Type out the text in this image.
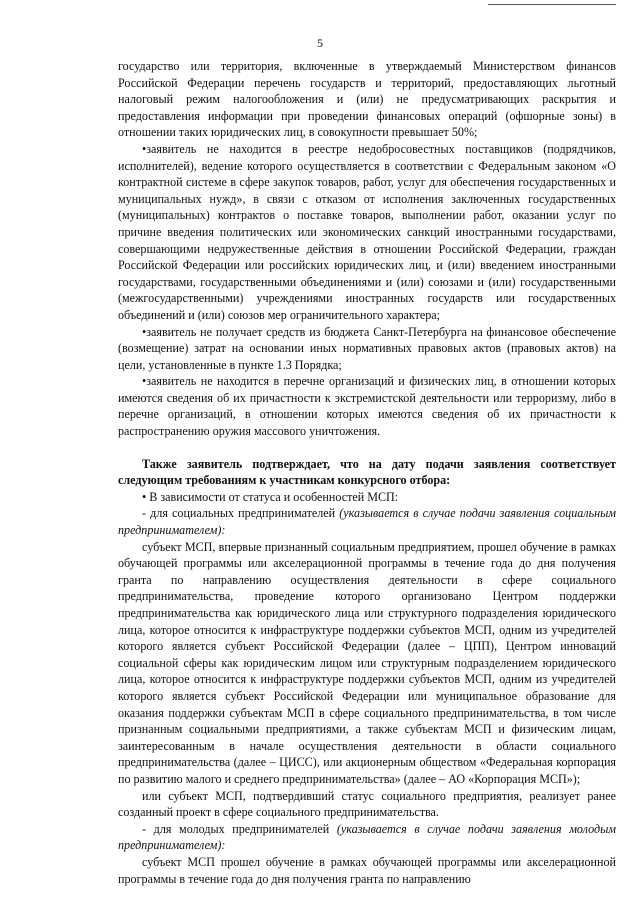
5

государство или территория, включенные в утверждаемый Министерством финансов Российской Федерации перечень государств и территорий, предоставляющих льготный налоговый режим налогообложения и (или) не предусматривающих раскрытия и предоставления информации при проведении финансовых операций (офшорные зоны) в отношении таких юридических лиц, в совокупности превышает 50%;

•заявитель не находится в реестре недобросовестных поставщиков (подрядчиков, исполнителей), ведение которого осуществляется в соответствии с Федеральным законом «О контрактной системе в сфере закупок товаров, работ, услуг для обеспечения государственных и муниципальных нужд», в связи с отказом от исполнения заключенных государственных (муниципальных) контрактов о поставке товаров, выполнении работ, оказании услуг по причине введения политических или экономических санкций иностранными государствами, совершающими недружественные действия в отношении Российской Федерации, граждан Российской Федерации или российских юридических лиц, и (или) введением иностранными государствами, государственными объединениями и (или) союзами и (или) государственными (межгосударственными) учреждениями иностранных государств или государственных объединений и (или) союзов мер ограничительного характера;

•заявитель не получает средств из бюджета Санкт-Петербурга на финансовое обеспечение (возмещение) затрат на основании иных нормативных правовых актов (правовых актов) на цели, установленные в пункте 1.3 Порядка;

•заявитель не находится в перечне организаций и физических лиц, в отношении которых имеются сведения об их причастности к экстремистской деятельности или терроризму, либо в перечне организаций, в отношении которых имеются сведения об их причастности к распространению оружия массового уничтожения.

Также заявитель подтверждает, что на дату подачи заявления соответствует следующим требованиям к участникам конкурсного отбора:

• В зависимости от статуса и особенностей МСП:

- для социальных предпринимателей (указывается в случае подачи заявления социальным предпринимателем):

субъект МСП, впервые признанный социальным предприятием, прошел обучение в рамках обучающей программы или акселерационной программы в течение года до дня получения гранта по направлению осуществления деятельности в сфере социального предпринимательства, проведение которого организовано Центром поддержки предпринимательства как юридического лица или структурного подразделения юридического лица, которое относится к инфраструктуре поддержки субъектов МСП, одним из учредителей которого является субъект Российской Федерации (далее – ЦПП), Центром инноваций социальной сферы как юридическим лицом или структурным подразделением юридического лица, которое относится к инфраструктуре поддержки субъектов МСП, одним из учредителей которого является субъект Российской Федерации или муниципальное образование для оказания поддержки субъектам МСП в сфере социального предпринимательства, в том числе признанным социальными предприятиями, а также субъектам МСП и физическим лицам, заинтересованным в начале осуществления деятельности в области социального предпринимательства (далее – ЦИСС), или акционерным обществом «Федеральная корпорация по развитию малого и среднего предпринимательства» (далее – АО «Корпорация МСП»);

или субъект МСП, подтвердивший статус социального предприятия, реализует ранее созданный проект в сфере социального предпринимательства.

- для молодых предпринимателей (указывается в случае подачи заявления молодым предпринимателем):

субъект МСП прошел обучение в рамках обучающей программы или акселерационной программы в течение года до дня получения гранта по направлению
